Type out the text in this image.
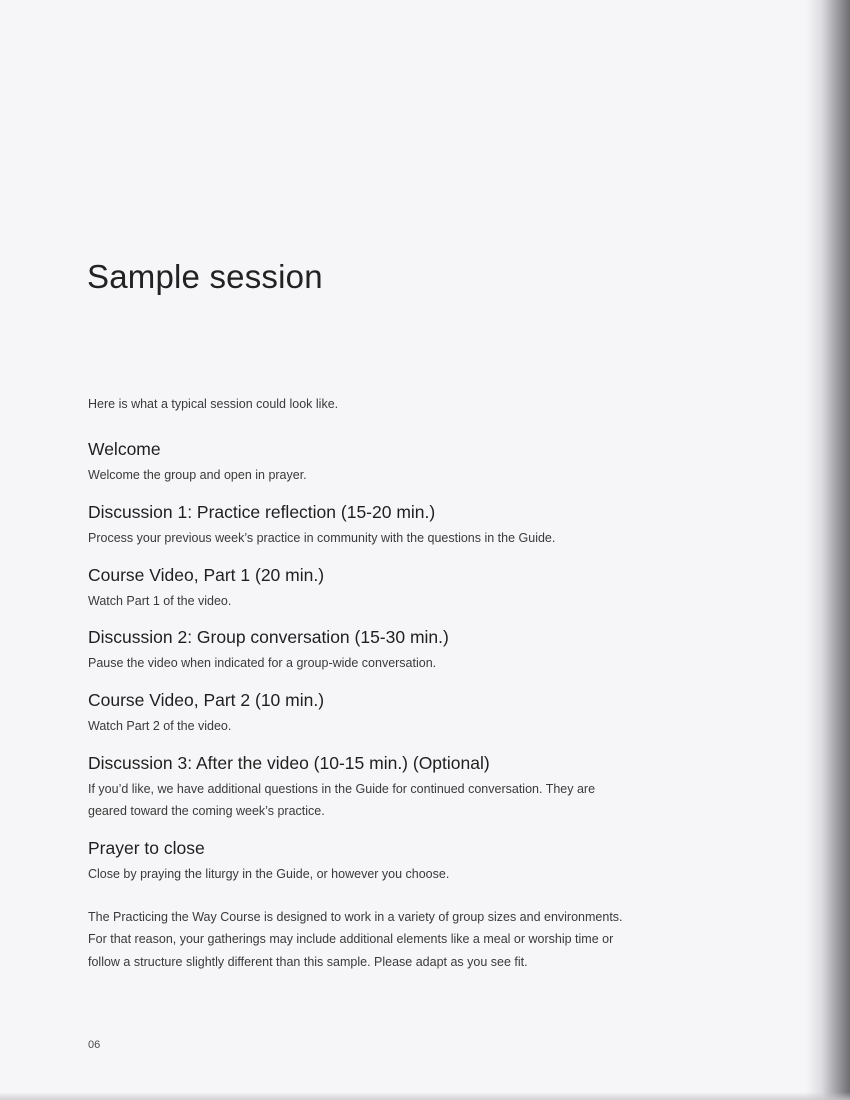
Sample session

Here is what a typical session could look like.

Welcome

Welcome the group and open in prayer.

Discussion 1: Practice reflection (15-20 min.)

Process your previous week’s practice in community with the questions in the Guide.

Course Video, Part 1 (20 min.)

Watch Part 1 of the video.

Discussion 2: Group conversation (15-30 min.)

Pause the video when indicated for a group-wide conversation.

Course Video, Part 2 (10 min.)

Watch Part 2 of the video.

Discussion 3: After the video (10-15 min.) (Optional)

If you’d like, we have additional questions in the Guide for continued conversation. They are geared toward the coming week’s practice.

Prayer to close

Close by praying the liturgy in the Guide, or however you choose.

The Practicing the Way Course is designed to work in a variety of group sizes and environments. For that reason, your gatherings may include additional elements like a meal or worship time or follow a structure slightly different than this sample. Please adapt as you see fit.

06
